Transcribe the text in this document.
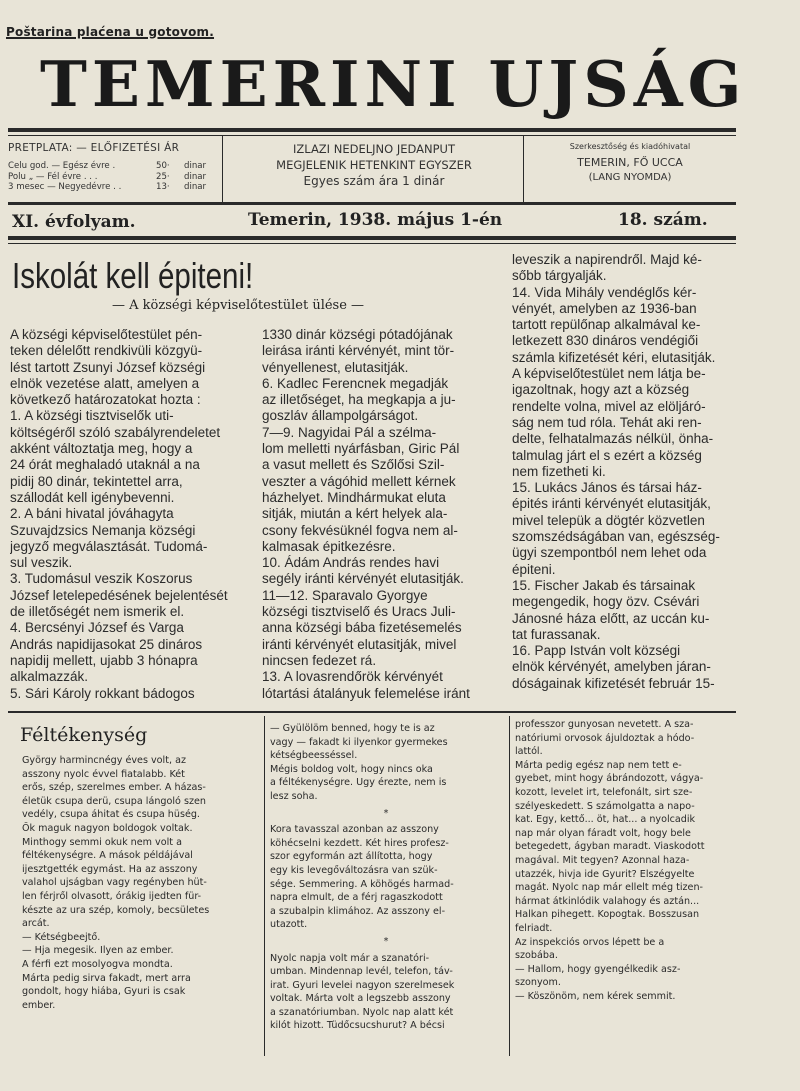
Poštarina plaćena u gotovom.
TEMERINI UJSÁG
PRETPLATA: — ELŐFIZETÉSI ÁR
Celu god. — Egész évre .	50·	dinar
Polu „ — Fél évre . . .	25·	dinar
3 mesec — Negyedévre . .	13·	dinar
IZLAZI NEDELJNO JEDANPUT
MEGJELENIK HETENKINT EGYSZER
Egyes szám ára 1 dinár
Szerkesztőség és kiadóhivatal
TEMERIN, FŐ UCCA
(LANG NYOMDA)
XI. évfolyam.	Temerin, 1938. május 1-én	18. szám.
Iskolát kell épiteni!
— A községi képviselőtestület ülése —
A községi képviselőtestület pén-
teken délelőtt rendkivüli közgyü-
lést tartott Zsunyi József községi
elnök vezetése alatt, amelyen a
következő határozatokat hozta :
1. A községi tisztviselők uti-
költségéről szóló szabályrendeletet
akként változtatja meg, hogy a
24 órát meghaladó utaknál a na
pidij 80 dinár, tekintettel arra,
szállodát kell igénybevenni.
2. A báni hivatal jóváhagyta
Szuvajdzsics Nemanja községi
jegyző megválasztását. Tudomá-
sul veszik.
3. Tudomásul veszik Koszorus
József letelepedésének bejelentését
de illetőségét nem ismerik el.
4. Bercsényi József és Varga
András napidijasokat 25 dináros
napidij mellett, ujabb 3 hónapra
alkalmazzák.
5. Sári Károly rokkant bádogos
1330 dinár községi pótadójának
leirása iránti kérvényét, mint tör-
vényellenest, elutasitják.
6. Kadlec Ferencnek megadják
az illetőséget, ha megkapja a ju-
goszláv állampolgárságot.
7—9. Nagyidai Pál a szélma-
lom melletti nyárfásban, Giric Pál
a vasut mellett és Szőlősi Szil-
veszter a vágóhid mellett kérnek
házhelyet. Mindhármukat eluta
sitják, miután a kért helyek ala-
csony fekvésüknél fogva nem al-
kalmasak épitkezésre.
10. Ádám András rendes havi
segély iránti kérvényét elutasitják.
11—12. Sparavalo Gyorgye
községi tisztviselő és Uracs Juli-
anna községi bába fizetésemelés
iránti kérvényét elutasitják, mivel
nincsen fedezet rá.
13. A lovasrendőrök kérvényét
lótartási átalányuk felemelése iránt
leveszik a napirendről. Majd ké-
sőbb tárgyalják.
14. Vida Mihály vendéglős kér-
vényét, amelyben az 1936-ban
tartott repülőnap alkalmával ke-
letkezett 830 dináros vendégiői
számla kifizetését kéri, elutasitják.
A képviselőtestület nem látja be-
igazoltnak, hogy azt a község
rendelte volna, mivel az elöljáró-
ság nem tud róla. Tehát aki ren-
delte, felhatalmazás nélkül, önha-
talmulag járt el s ezért a község
nem fizetheti ki.
15. Lukács János és társai ház-
épités iránti kérvényét elutasitják,
mivel telepük a dögtér közvetlen
szomszédságában van, egészség-
ügyi szempontból nem lehet oda
épiteni.
15. Fischer Jakab és társainak
megengedik, hogy özv. Csévári
Jánosné háza előtt, az uccán ku-
tat furassanak.
16. Papp István volt községi
elnök kérvényét, amelyben járan-
dóságainak kifizetését február 15-
Féltékenység
György harmincnégy éves volt, az
asszony nyolc évvel fiatalabb. Két
erős, szép, szerelmes ember. A házas-
életük csupa derü, csupa lángoló szen
vedély, csupa áhitat és csupa hüség.
Ők maguk nagyon boldogok voltak.
Minthogy semmi okuk nem volt a
féltékenységre. A mások példájával
ijesztgették egymást. Ha az asszony
valahol ujságban vagy regényben hüt-
len férjről olvasott, órákig ijedten für-
készte az ura szép, komoly, becsületes
arcát.
— Kétségbeejtő.
— Hja megesik. Ilyen az ember.
A férfi ezt mosolyogva mondta.
Márta pedig sirva fakadt, mert arra
gondolt, hogy hiába, Gyuri is csak
ember.
— Gyülölöm benned, hogy te is az
vagy — fakadt ki ilyenkor gyermekes
kétségbeesséssel.
Mégis boldog volt, hogy nincs oka
a féltékenységre. Ugy érezte, nem is
lesz soha.
*
Kora tavasszal azonban az asszony
köhécselni kezdett. Két hires profesz-
szor egyformán azt állította, hogy
egy kis levegőváltozásra van szük-
sége. Semmering. A köhögés harmad-
napra elmult, de a férj ragaszkodott
a szubalpin klimához. Az asszony el-
utazott.
*
Nyolc napja volt már a szanatóri-
umban. Mindennap levél, telefon, táv-
irat. Gyuri levelei nagyon szerelmesek
voltak. Márta volt a legszebb asszony
a szanatóriumban. Nyolc nap alatt két
kilót hizott. Tüdőcsucshurut? A bécsi
professzor gunyosan nevetett. A sza-
natóriumi orvosok ájuldoztak a hódo-
lattól.
Márta pedig egész nap nem tett e-
gyebet, mint hogy ábrándozott, vágya-
kozott, levelet irt, telefonált, sirt sze-
szélyeskedett. S számolgatta a napo-
kat. Egy, kettő... öt, hat... a nyolcadik
nap már olyan fáradt volt, hogy bele
betegedett, ágyban maradt. Viaskodott
magával. Mit tegyen? Azonnal haza-
utazzék, hivja ide Gyurit? Elszégyelte
magát. Nyolc nap már ellelt még tizen-
hármat átkinlódik valahogy és aztán...
Halkan pihegett. Kopogtak. Bosszusan
felriadt.
Az inspekciós orvos lépett be a
szobába.
— Hallom, hogy gyengélkedik asz-
szonyom.
— Köszönöm, nem kérek semmit.
